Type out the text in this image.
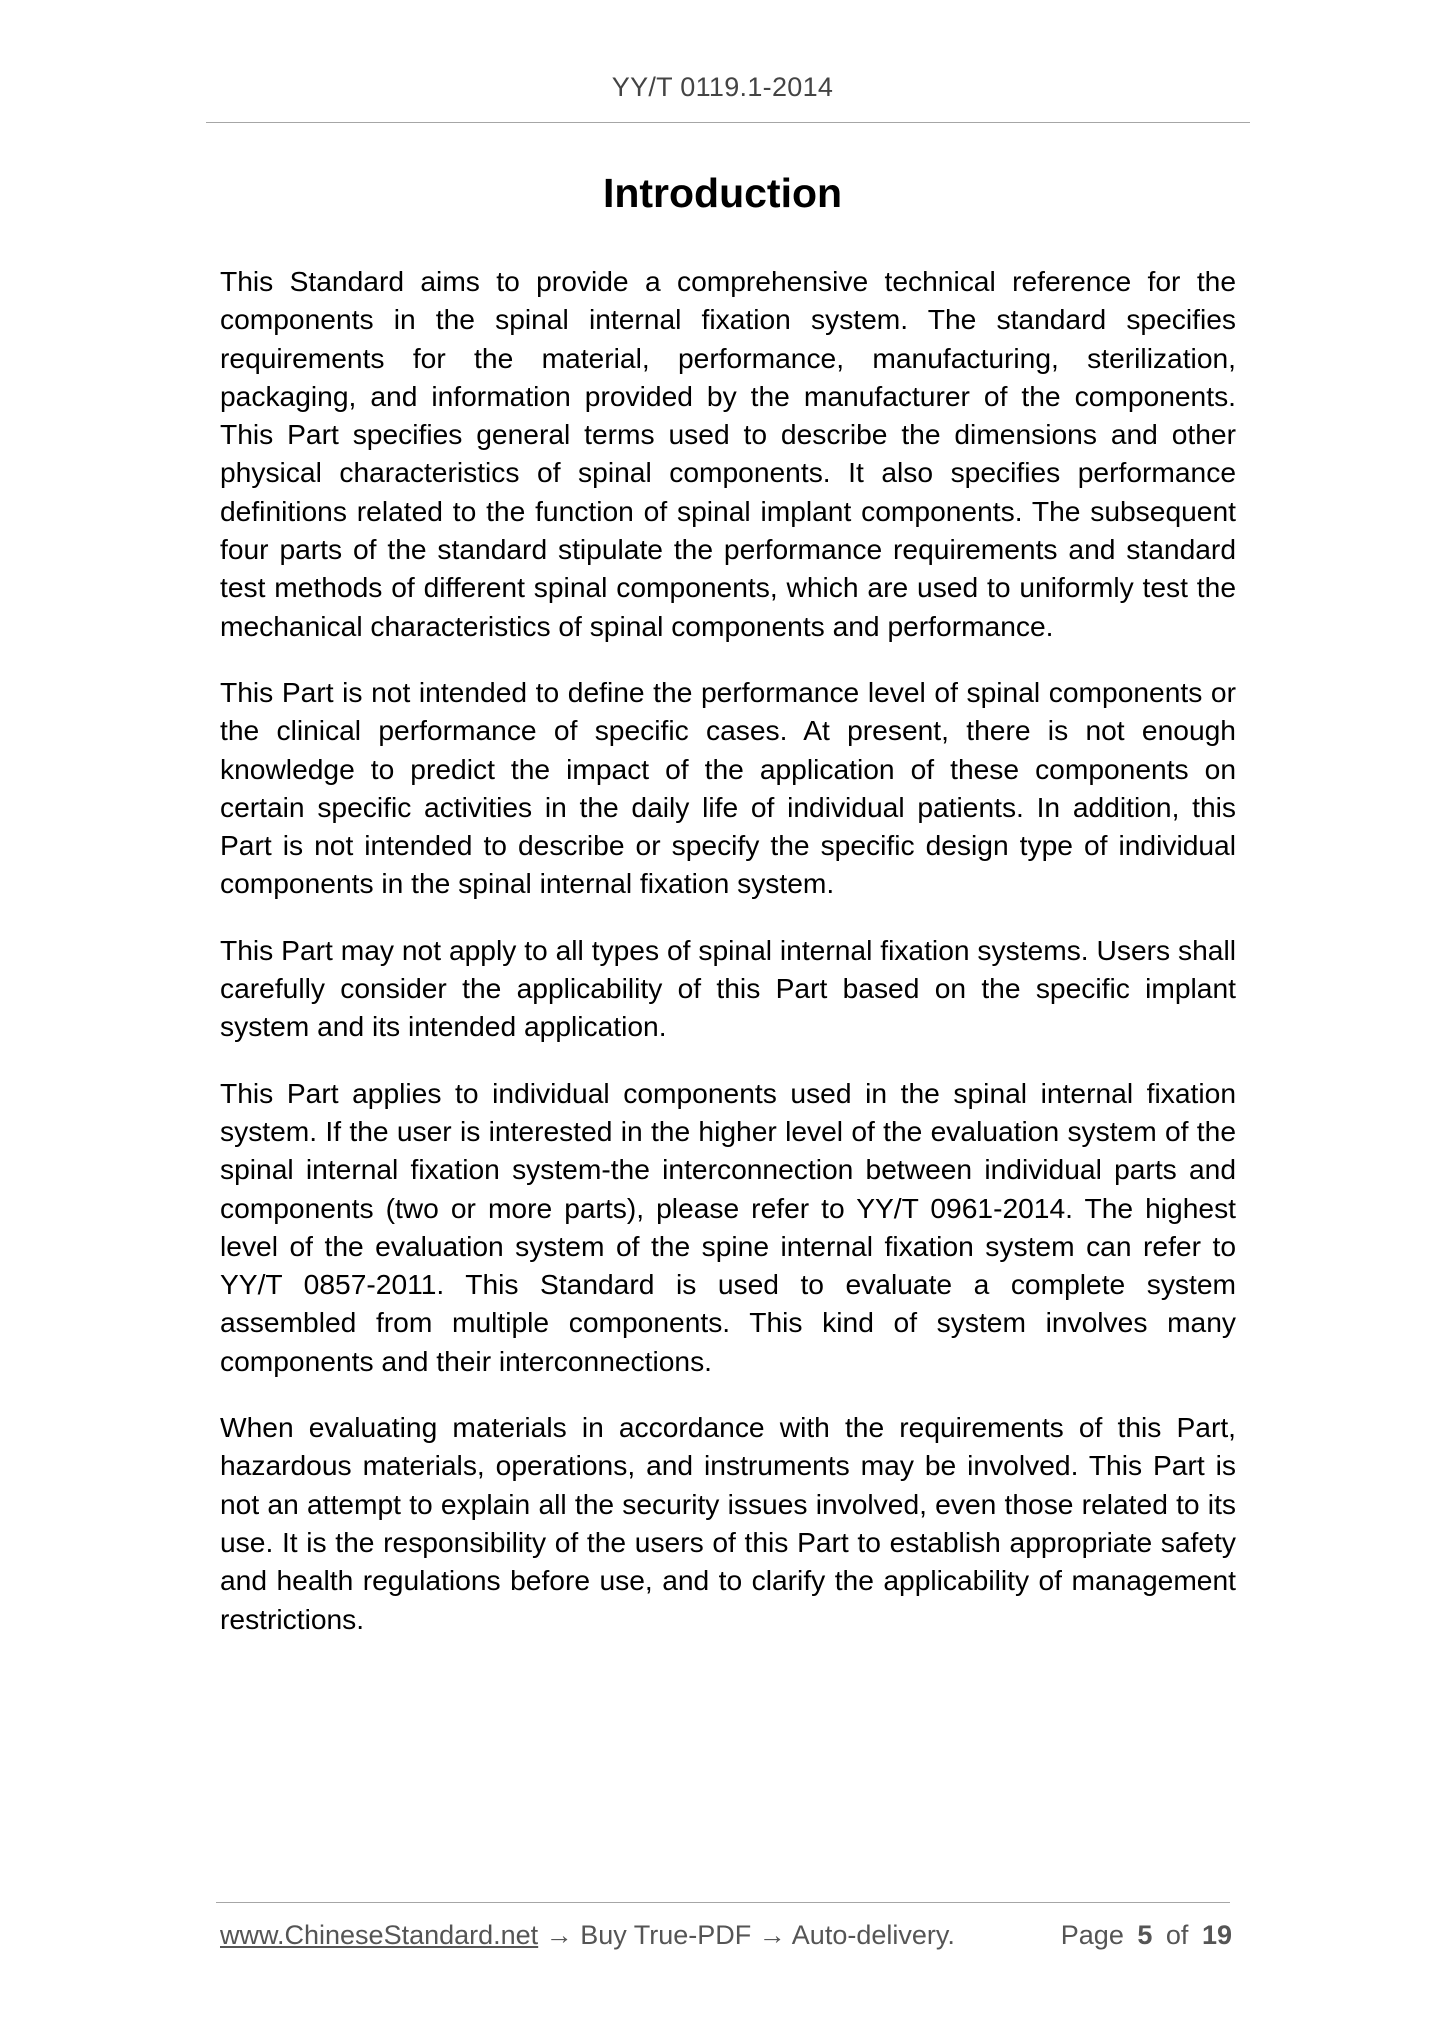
YY/T 0119.1-2014
Introduction

This Standard aims to provide a comprehensive technical reference for the components in the spinal internal fixation system. The standard specifies requirements for the material, performance, manufacturing, sterilization, packaging, and information provided by the manufacturer of the components. This Part specifies general terms used to describe the dimensions and other physical characteristics of spinal components. It also specifies performance definitions related to the function of spinal implant components. The subsequent four parts of the standard stipulate the performance requirements and standard test methods of different spinal components, which are used to uniformly test the mechanical characteristics of spinal components and performance.

This Part is not intended to define the performance level of spinal components or the clinical performance of specific cases. At present, there is not enough knowledge to predict the impact of the application of these components on certain specific activities in the daily life of individual patients. In addition, this Part is not intended to describe or specify the specific design type of individual components in the spinal internal fixation system.

This Part may not apply to all types of spinal internal fixation systems. Users shall carefully consider the applicability of this Part based on the specific implant system and its intended application.

This Part applies to individual components used in the spinal internal fixation system. If the user is interested in the higher level of the evaluation system of the spinal internal fixation system-the interconnection between individual parts and components (two or more parts), please refer to YY/T 0961-2014. The highest level of the evaluation system of the spine internal fixation system can refer to YY/T 0857-2011. This Standard is used to evaluate a complete system assembled from multiple components. This kind of system involves many components and their interconnections.

When evaluating materials in accordance with the requirements of this Part, hazardous materials, operations, and instruments may be involved. This Part is not an attempt to explain all the security issues involved, even those related to its use. It is the responsibility of the users of this Part to establish appropriate safety and health regulations before use, and to clarify the applicability of management restrictions.

www.ChineseStandard.net → Buy True-PDF → Auto-delivery.	Page 5 of 19
